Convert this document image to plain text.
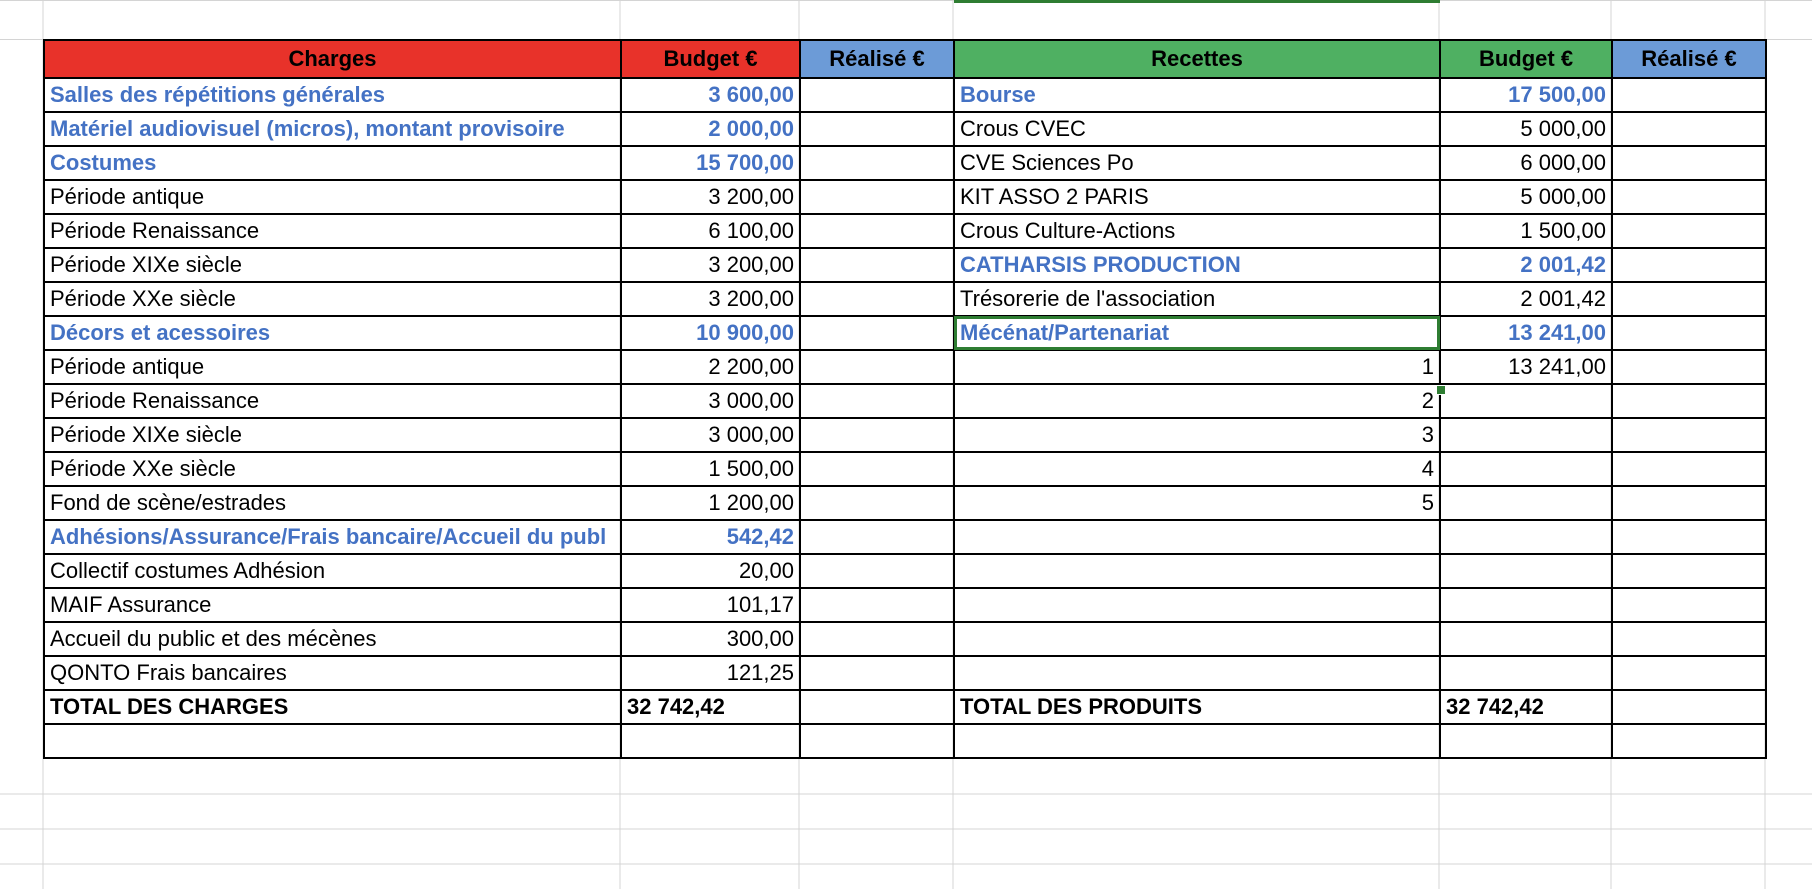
Charges	Budget €	Réalisé €	Recettes	Budget €	Réalisé €
Salles des répétitions générales	3 600,00		Bourse	17 500,00	
Matériel audiovisuel (micros), montant provisoire	2 000,00		Crous CVEC	5 000,00	
Costumes	15 700,00		CVE Sciences Po	6 000,00	
Période antique	3 200,00		KIT ASSO 2 PARIS	5 000,00	
Période Renaissance	6 100,00		Crous Culture-Actions	1 500,00	
Période XIXe siècle	3 200,00		CATHARSIS PRODUCTION	2 001,42	
Période XXe siècle	3 200,00		Trésorerie de l'association	2 001,42	
Décors et acessoires	10 900,00		Mécénat/Partenariat	13 241,00	
Période antique	2 200,00		1	13 241,00	
Période Renaissance	3 000,00		2		
Période XIXe siècle	3 000,00		3		
Période XXe siècle	1 500,00		4		
Fond de scène/estrades	1 200,00		5		
Adhésions/Assurance/Frais bancaire/Accueil du publ	542,42				
Collectif costumes Adhésion	20,00				
MAIF Assurance	101,17				
Accueil du public et des mécènes	300,00				
QONTO Frais bancaires	121,25				
TOTAL DES CHARGES	32 742,42		TOTAL DES PRODUITS	32 742,42	
